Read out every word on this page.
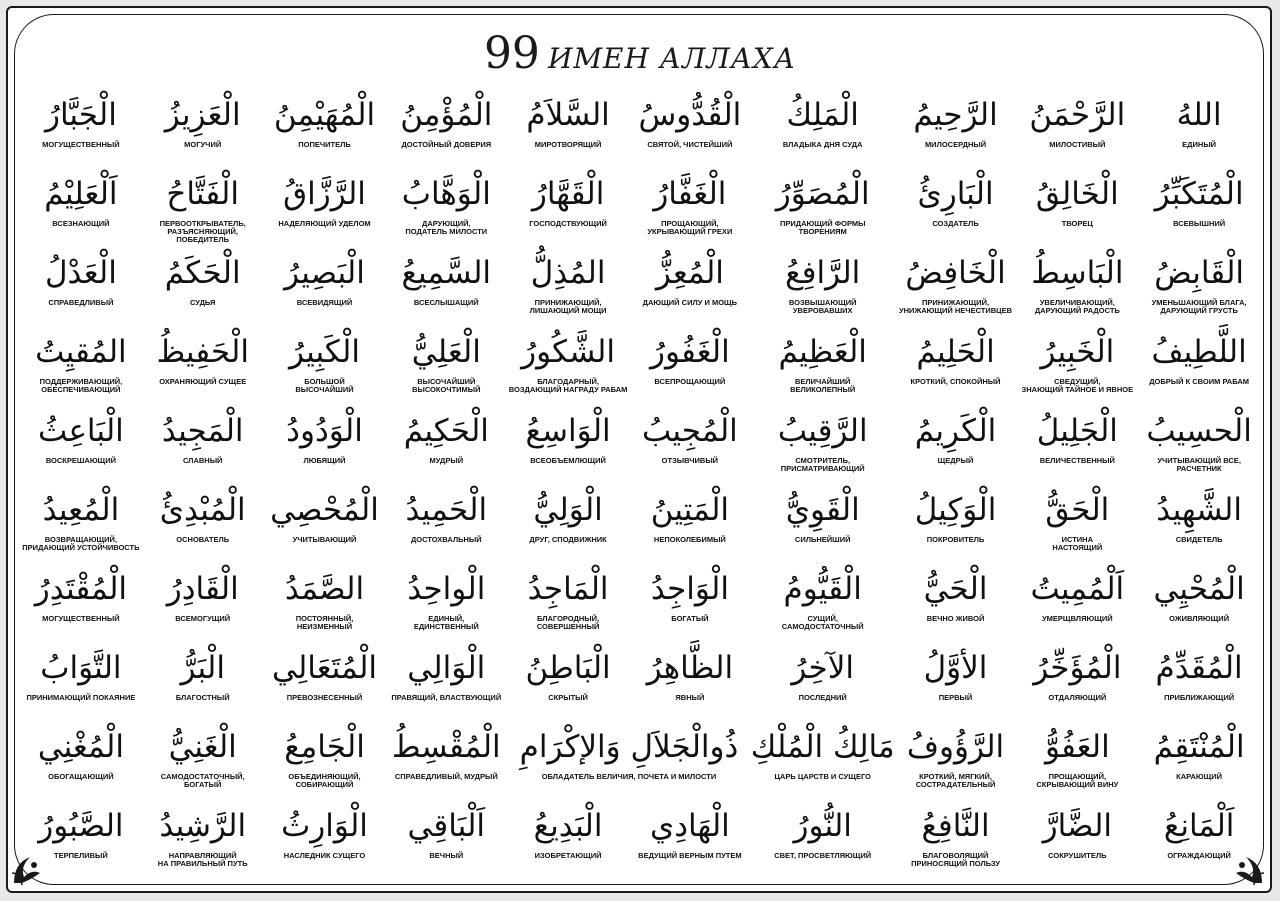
99 ИМЕН АЛЛАХА
اللهُ
ЕДИНЫЙ
الرَّحْمَنُ
МИЛОСТИВЫЙ
الرَّحِيمُ
МИЛОСЕРДНЫЙ
الْمَلِكُ
ВЛАДЫКА ДНЯ СУДА
الْقُدُّوسُ
СВЯТОЙ, ЧИСТЕЙШИЙ
السَّلاَمُ
МИРОТВОРЯЩИЙ
الْمُؤْمِنُ
ДОСТОЙНЫЙ ДОВЕРИЯ
الْمُهَيْمِنُ
ПОПЕЧИТЕЛЬ
الْعَزِيزُ
МОГУЧИЙ
الْجَبَّارُ
МОГУЩЕСТВЕННЫЙ
الْمُتَكَبِّرُ
ВСЕВЫШНИЙ
الْخَالِقُ
ТВОРЕЦ
الْبَارِئُ
СОЗДАТЕЛЬ
الْمُصَوِّرُ
ПРИДАЮЩИЙ ФОРМЫ
ТВОРЕНИЯМ
الْغَفَّارُ
ПРОЩАЮЩИЙ,
УКРЫВАЮЩИЙ ГРЕХИ
الْقَهَّارُ
ГОСПОДСТВУЮЩИЙ
الْوَهَّابُ
ДАРУЮЩИЙ,
ПОДАТЕЛЬ МИЛОСТИ
الرَّزَّاقُ
НАДЕЛЯЮЩИЙ УДЕЛОМ
الْفَتَّاحُ
ПЕРВООТКРЫВАТЕЛЬ,
РАЗЪЯСНЯЮЩИЙ, ПОБЕДИТЕЛЬ
اَلْعَلِيْمُ
ВСЕЗНАЮЩИЙ
الْقَابِضُ
УМЕНЬШАЮЩИЙ БЛАГА,
ДАРУЮЩИЙ ГРУСТЬ
الْبَاسِطُ
УВЕЛИЧИВАЮЩИЙ,
ДАРУЮЩИЙ РАДОСТЬ
الْخَافِضُ
ПРИНИЖАЮЩИЙ,
УНИЖАЮЩИЙ НЕЧЕСТИВЦЕВ
الرَّافِعُ
ВОЗВЫШАЮЩИЙ
УВЕРОВАВШИХ
الْمُعِزُّ
ДАЮЩИЙ СИЛУ И МОЩЬ
المُذِلُّ
ПРИНИЖАЮЩИЙ,
ЛИШАЮЩИЙ МОЩИ
السَّمِيعُ
ВСЕСЛЫШАЩИЙ
الْبَصِيرُ
ВСЕВИДЯЩИЙ
الْحَكَمُ
СУДЬЯ
الْعَدْلُ
СПРАВЕДЛИВЫЙ
اللَّطِيفُ
ДОБРЫЙ К СВОИМ РАБАМ
الْخَبِيرُ
СВЕДУЩИЙ,
ЗНАЮЩИЙ ТАЙНОЕ И ЯВНОЕ
الْحَلِيمُ
КРОТКИЙ, СПОКОЙНЫЙ
الْعَظِيمُ
ВЕЛИЧАЙШИЙ
ВЕЛИКОЛЕПНЫЙ
الْغَفُورُ
ВСЕПРОЩАЮЩИЙ
الشَّكُورُ
БЛАГОДАРНЫЙ,
ВОЗДАЮЩИЙ НАГРАДУ РАБАМ
الْعَلِيُّ
ВЫСОЧАЙШИЙ
ВЫСОКОЧТИМЫЙ
الْكَبِيرُ
БОЛЬШОЙ
ВЫСОЧАЙШИЙ
الْحَفِيظُ
ОХРАНЯЮЩИЙ СУЩЕЕ
المُقيِتُ
ПОДДЕРЖИВАЮЩИЙ,
ОБЕСПЕЧИВАЮЩИЙ
الْحسِيبُ
УЧИТЫВАЮЩИЙ ВСЕ,
РАСЧЕТНИК
الْجَلِيلُ
ВЕЛИЧЕСТВЕННЫЙ
الْكَرِيمُ
ЩЕДРЫЙ
الرَّقِيبُ
СМОТРИТЕЛЬ,
ПРИСМАТРИВАЮЩИЙ
الْمُجِيبُ
ОТЗЫВЧИВЫЙ
الْوَاسِعُ
ВСЕОБЪЕМЛЮЩИЙ
الْحَكِيمُ
МУДРЫЙ
الْوَدُودُ
ЛЮБЯЩИЙ
الْمَجِيدُ
СЛАВНЫЙ
الْبَاعِثُ
ВОСКРЕШАЮЩИЙ
الشَّهِيدُ
СВИДЕТЕЛЬ
الْحَقُّ
ИСТИНА
НАСТОЯЩИЙ
الْوَكِيلُ
ПОКРОВИТЕЛЬ
الْقَوِيُّ
СИЛЬНЕЙШИЙ
الْمَتِينُ
НЕПОКОЛЕБИМЫЙ
الْوَلِيُّ
ДРУГ, СПОДВИЖНИК
الْحَمِيدُ
ДОСТОХВАЛЬНЫЙ
الْمُحْصِي
УЧИТЫВАЮЩИЙ
الْمُبْدِئُ
ОСНОВАТЕЛЬ
الْمُعِيدُ
ВОЗВРАЩАЮЩИЙ,
ПРИДАЮЩИЙ УСТОЙЧИВОСТЬ
الْمُحْيِي
ОЖИВЛЯЮЩИЙ
اَلْمُمِيتُ
УМЕРЩВЛЯЮЩИЙ
الْحَيُّ
ВЕЧНО ЖИВОЙ
الْقَيُّومُ
СУЩИЙ,
САМОДОСТАТОЧНЫЙ
الْوَاجِدُ
БОГАТЫЙ
الْمَاجِدُ
БЛАГОРОДНЫЙ,
СОВЕРШЕННЫЙ
الْواحِدُ
ЕДИНЫЙ,
ЕДИНСТВЕННЫЙ
الصَّمَدُ
ПОСТОЯННЫЙ,
НЕИЗМЕННЫЙ
الْقَادِرُ
ВСЕМОГУЩИЙ
الْمُقْتَدِرُ
МОГУЩЕСТВЕННЫЙ
الْمُقَدِّمُ
ПРИБЛИЖАЮЩИЙ
الْمُؤَخِّرُ
ОТДАЛЯЮЩИЙ
الأوَّلُ
ПЕРВЫЙ
الآخِرُ
ПОСЛЕДНИЙ
الظَّاهِرُ
ЯВНЫЙ
الْبَاطِنُ
СКРЫТЫЙ
الْوَالِي
ПРАВЯЩИЙ, ВЛАСТВУЮЩИЙ
الْمُتَعَالِي
ПРЕВОЗНЕСЕННЫЙ
الْبَرُّ
БЛАГОСТНЫЙ
التَّوَابُ
ПРИНИМАЮЩИЙ ПОКАЯНИЕ
الْمُنْتَقِمُ
КАРАЮЩИЙ
العَفُوُّ
ПРОЩАЮЩИЙ,
СКРЫВАЮЩИЙ ВИНУ
الرَّؤُوفُ
КРОТКИЙ, МЯГКИЙ,
СОСТРАДАТЕЛЬНЫЙ
مَالِكُ الْمُلْكِ
ЦАРЬ ЦАРСТВ И СУЩЕГО
ذُوالْجَلاَلِ وَالإكْرَامِ
ОБЛАДАТЕЛЬ ВЕЛИЧИЯ, ПОЧЕТА И МИЛОСТИ
الْمُقْسِطُ
СПРАВЕДЛИВЫЙ, МУДРЫЙ
الْجَامِعُ
ОБЪЕДИНЯЮЩИЙ,
СОБИРАЮЩИЙ
الْغَنِيُّ
САМОДОСТАТОЧНЫЙ,
БОГАТЫЙ
الْمُغْنِي
ОБОГАЩАЮЩИЙ
اَلْمَانِعُ
ОГРАЖДАЮЩИЙ
الضَّارَّ
СОКРУШИТЕЛЬ
النَّافِعُ
БЛАГОВОЛЯЩИЙ
ПРИНОСЯЩИЙ ПОЛЬЗУ
النُّورُ
СВЕТ, ПРОСВЕТЛЯЮЩИЙ
الْهَادِي
ВЕДУЩИЙ ВЕРНЫМ ПУТЕМ
الْبَدِيعُ
ИЗОБРЕТАЮЩИЙ
اَلْبَاقِي
ВЕЧНЫЙ
الْوَارِثُ
НАСЛЕДНИК СУЩЕГО
الرَّشِيدُ
НАПРАВЛЯЮЩИЙ
НА ПРАВИЛЬНЫЙ ПУТЬ
الصَّبُورُ
ТЕРПЕЛИВЫЙ
